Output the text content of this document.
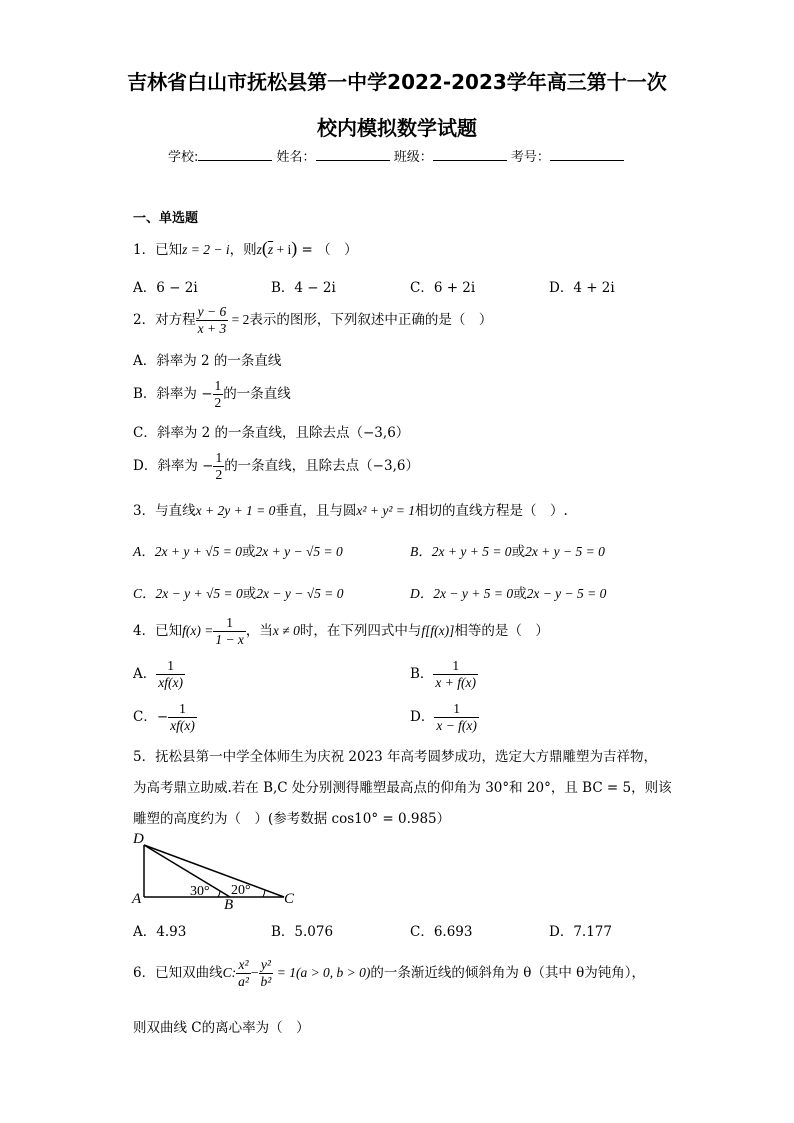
吉林省白山市抚松县第一中学2022-2023学年高三第十一次
校内模拟数学试题
学校:	姓名：	班级：	考号：
一、单选题
1．已知z = 2 − i，则$z(\overline{z} + i)$ = （　）
A．6 − 2i	B．4 − 2i	C．6 + 2i	D．4 + 2i
2．对方程 $\frac{y - 6}{x + 3} = 2$表示的图形，下列叙述中正确的是（　）
A．斜率为 2 的一条直线
B．斜率为 − $\frac{1}{2}$ 的一条直线
C．斜率为 2 的一条直线，且除去点（−3,6）
D．斜率为 − $\frac{1}{2}$ 的一条直线，且除去点（−3,6）
3．与直线x + 2y + 1 = 0垂直，且与圆x² + y² = 1相切的直线方程是（　）.
A．2x + y + √5 = 0或2x + y − √5 = 0	B．2x + y + 5 = 0或2x + y − 5 = 0
C．2x − y + √5 = 0或2x − y − √5 = 0	D．2x − y + 5 = 0或2x − y − 5 = 0
4．已知$f(x) = \frac{1}{1 - x}$ ，当x ≠ 0时，在下列四式中与f[f(x)]相等的是（　）
A． $\frac{1}{xf(x)}$	B． $\frac{1}{x + f(x)}$
C．− $\frac{1}{xf(x)}$	D． $\frac{1}{x - f(x)}$
5．抚松县第一中学全体师生为庆祝 2023 年高考圆梦成功，选定大方鼎雕塑为吉祥物，
为高考鼎立助威.若在 B,C 处分别测得雕塑最高点的仰角为 30°和 20°，且 BC = 5，则该
雕塑的高度约为（　）(参考数据 cos10° = 0.985）
D
A	B	C
30° 20°
A．4.93	B．5.076	C．6.693	D．7.177
6．已知双曲线C: $\frac{\text{x²}}{\text{a²}} - \frac{\text{y²}}{\text{b²}} = 1(a > 0$, b > 0)的一条渐近线的倾斜角为 θ（其中 θ为钝角），
则双曲线 C的离心率为（　）
